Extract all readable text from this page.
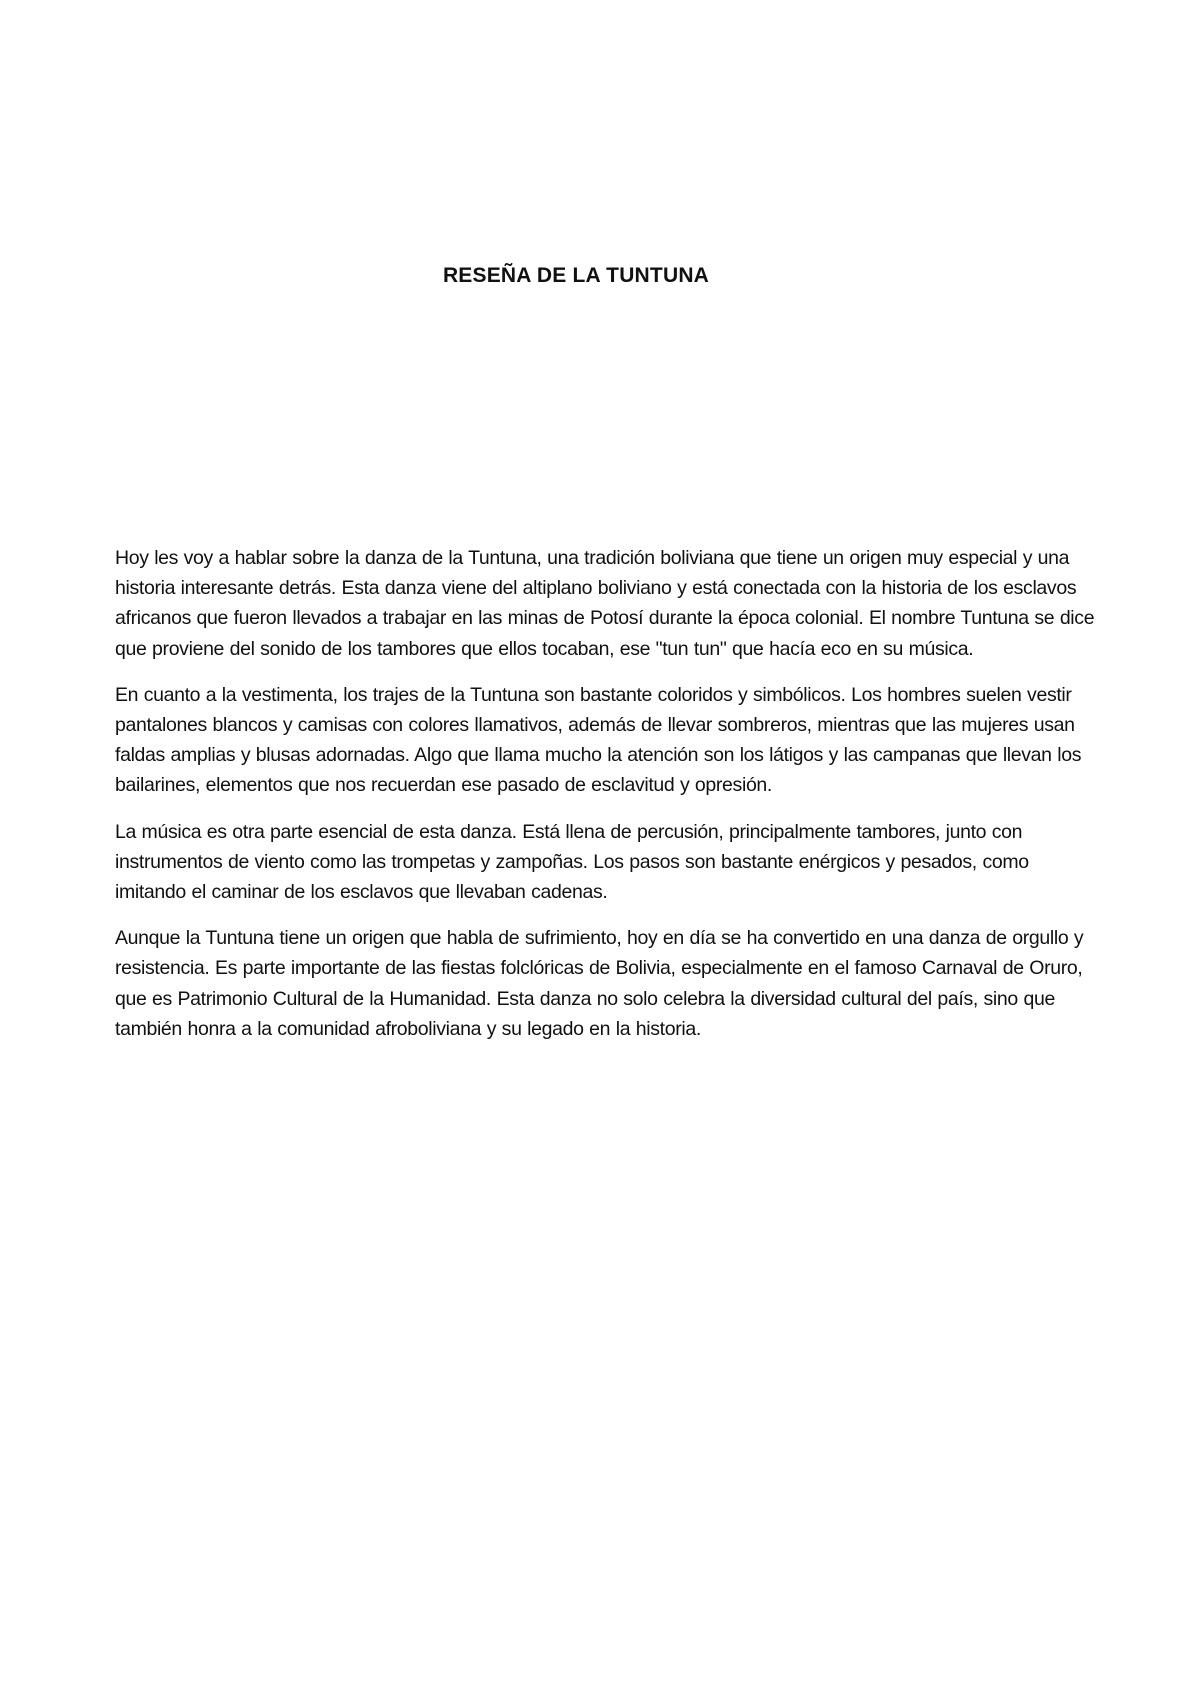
RESEÑA DE LA TUNTUNA

Hoy les voy a hablar sobre la danza de la Tuntuna, una tradición boliviana que tiene un origen muy especial y una historia interesante detrás. Esta danza viene del altiplano boliviano y está conectada con la historia de los esclavos africanos que fueron llevados a trabajar en las minas de Potosí durante la época colonial. El nombre Tuntuna se dice que proviene del sonido de los tambores que ellos tocaban, ese "tun tun" que hacía eco en su música.

En cuanto a la vestimenta, los trajes de la Tuntuna son bastante coloridos y simbólicos. Los hombres suelen vestir pantalones blancos y camisas con colores llamativos, además de llevar sombreros, mientras que las mujeres usan faldas amplias y blusas adornadas. Algo que llama mucho la atención son los látigos y las campanas que llevan los bailarines, elementos que nos recuerdan ese pasado de esclavitud y opresión.

La música es otra parte esencial de esta danza. Está llena de percusión, principalmente tambores, junto con instrumentos de viento como las trompetas y zampoñas. Los pasos son bastante enérgicos y pesados, como imitando el caminar de los esclavos que llevaban cadenas.

Aunque la Tuntuna tiene un origen que habla de sufrimiento, hoy en día se ha convertido en una danza de orgullo y resistencia. Es parte importante de las fiestas folclóricas de Bolivia, especialmente en el famoso Carnaval de Oruro, que es Patrimonio Cultural de la Humanidad. Esta danza no solo celebra la diversidad cultural del país, sino que también honra a la comunidad afroboliviana y su legado en la historia.
